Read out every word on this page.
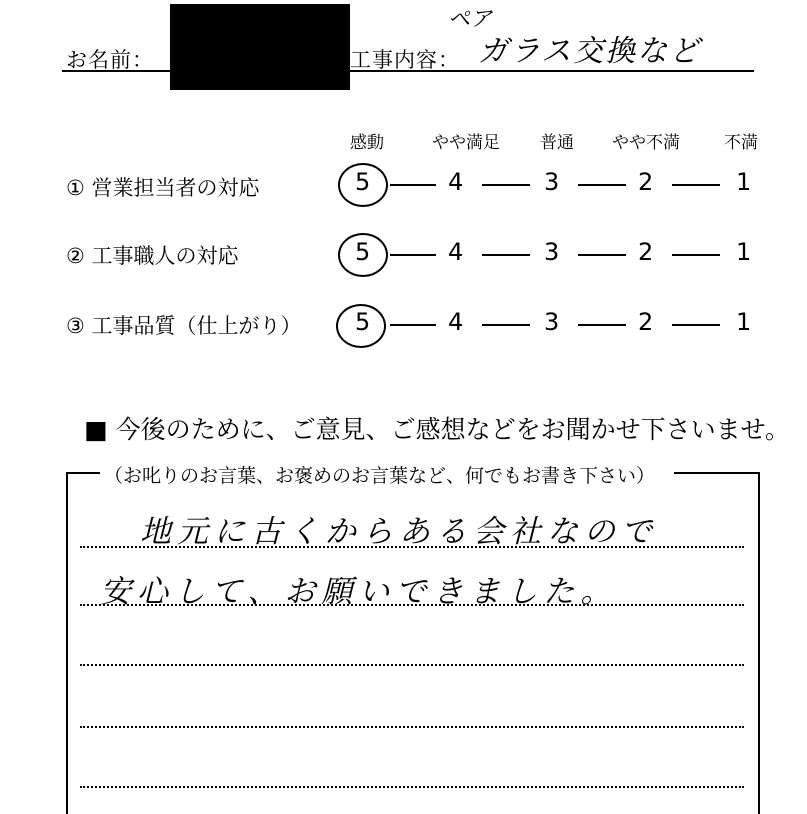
お名前：	工事内容：
ペア
ガラス交換など
感動	やや満足 普通 やや不満	不満
① 営業担当者の対応	5	4	3	2	1
② 工事職人の対応	5	4	3	2	1
③ 工事品質（仕上がり） 5	4	3	2	1
■ 今後のために、ご意見、ご感想などをお聞かせ下さいませ。
（お叱りのお言葉、お褒めのお言葉など、何でもお書き下さい）
地元に古くからある会社なので
安心して、お願いできました。
